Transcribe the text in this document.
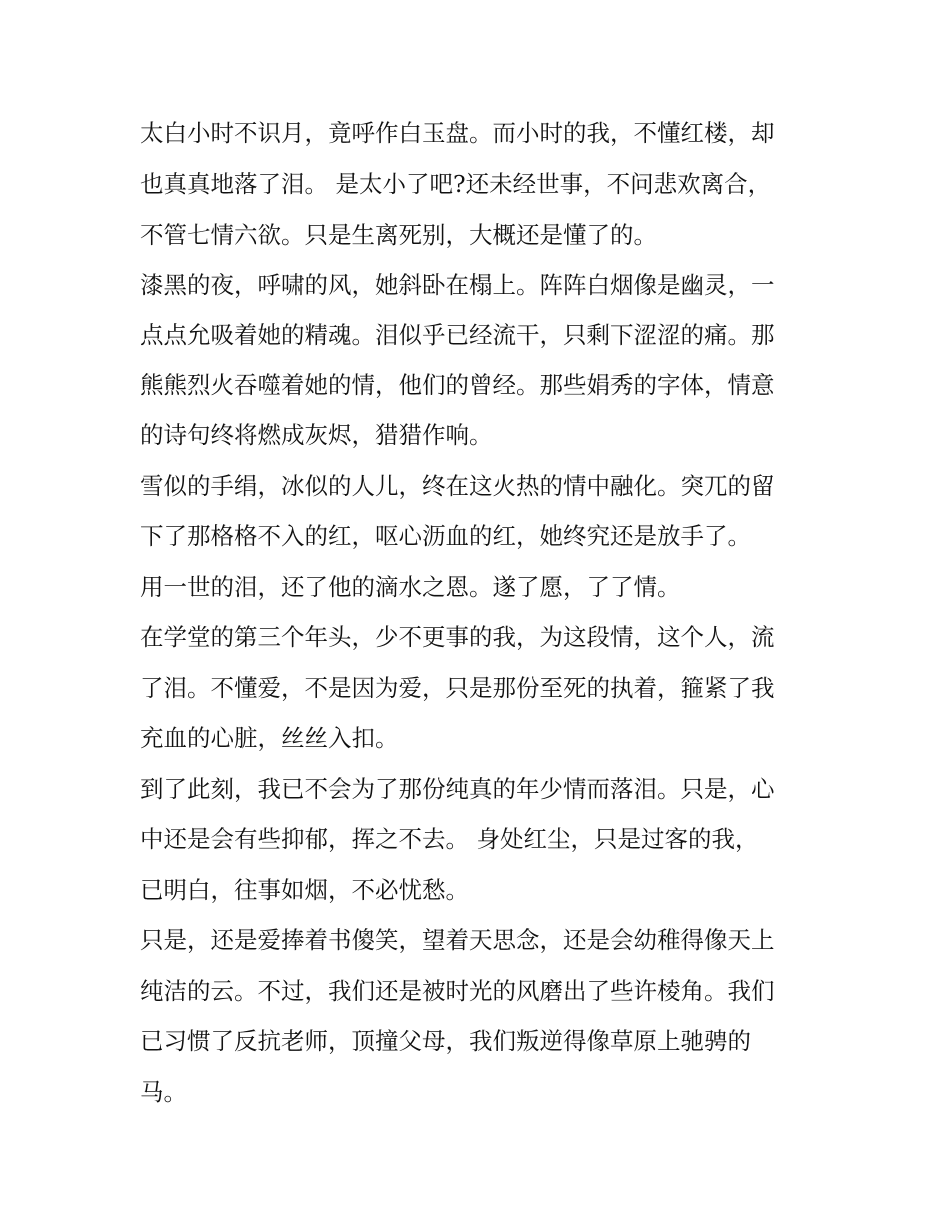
太白小时不识月，竟呼作白玉盘。而小时的我，不懂红楼，却
也真真地落了泪。 是太小了吧?还未经世事，不问悲欢离合，
不管七情六欲。只是生离死别，大概还是懂了的。
漆黑的夜，呼啸的风，她斜卧在榻上。阵阵白烟像是幽灵，一
点点允吸着她的精魂。泪似乎已经流干，只剩下涩涩的痛。那
熊熊烈火吞噬着她的情，他们的曾经。那些娟秀的字体，情意
的诗句终将燃成灰烬，猎猎作响。
雪似的手绢，冰似的人儿，终在这火热的情中融化。突兀的留
下了那格格不入的红，呕心沥血的红，她终究还是放手了。
用一世的泪，还了他的滴水之恩。遂了愿，了了情。
在学堂的第三个年头，少不更事的我，为这段情，这个人，流
了泪。不懂爱，不是因为爱，只是那份至死的执着，箍紧了我
充血的心脏，丝丝入扣。
到了此刻，我已不会为了那份纯真的年少情而落泪。只是，心
中还是会有些抑郁，挥之不去。 身处红尘，只是过客的我，
已明白，往事如烟，不必忧愁。
只是，还是爱捧着书傻笑，望着天思念，还是会幼稚得像天上
纯洁的云。不过，我们还是被时光的风磨出了些许棱角。我们
已习惯了反抗老师，顶撞父母，我们叛逆得像草原上驰骋的
马。
